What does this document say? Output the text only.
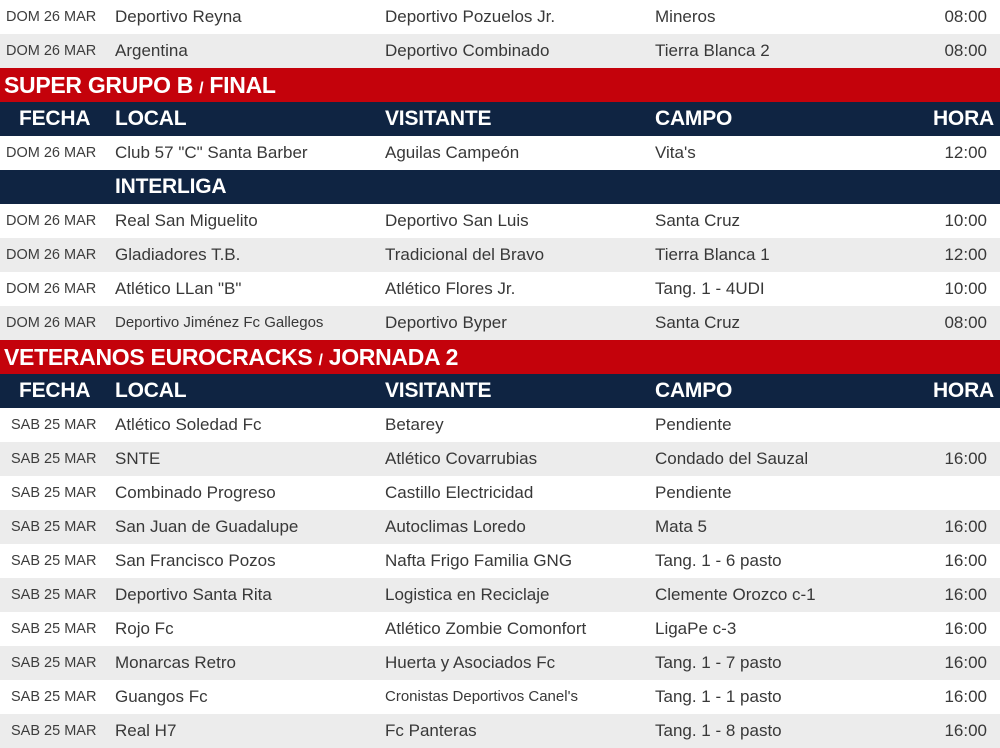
DOM 26 MAR Deportivo Reyna	Deportivo Pozuelos Jr.	Mineros	08:00
DOM 26 MAR Argentina	Deportivo Combinado	Tierra Blanca 2	08:00
SUPER GRUPO B / FINAL
FECHA LOCAL	VISITANTE	CAMPO	HORA
DOM 26 MAR Club 57 "C" Santa Barber	Aguilas Campeón	Vita's	12:00
INTERLIGA
DOM 26 MAR Real San Miguelito	Deportivo San Luis	Santa Cruz	10:00
DOM 26 MAR Gladiadores T.B.	Tradicional del Bravo	Tierra Blanca 1	12:00
DOM 26 MAR Atlético LLan "B"	Atlético Flores Jr.	Tang. 1 - 4UDI	10:00
DOM 26 MAR Deportivo Jiménez Fc Gallegos	Deportivo Byper	Santa Cruz	08:00
VETERANOS EUROCRACKS / JORNADA 2
FECHA LOCAL	VISITANTE	CAMPO	HORA
SAB 25 MAR Atlético Soledad Fc	Betarey	Pendiente
SAB 25 MAR SNTE	Atlético Covarrubias	Condado del Sauzal	16:00
SAB 25 MAR Combinado Progreso	Castillo Electricidad	Pendiente
SAB 25 MAR San Juan de Guadalupe	Autoclimas Loredo	Mata 5	16:00
SAB 25 MAR San Francisco Pozos	Nafta Frigo Familia GNG	Tang. 1 - 6 pasto	16:00
SAB 25 MAR Deportivo Santa Rita	Logistica en Reciclaje	Clemente Orozco c-1	16:00
SAB 25 MAR Rojo Fc	Atlético Zombie Comonfort	LigaPe c-3	16:00
SAB 25 MAR Monarcas Retro	Huerta y Asociados Fc	Tang. 1 - 7 pasto	16:00
SAB 25 MAR Guangos Fc	Cronistas Deportivos Canel's	Tang. 1 - 1 pasto	16:00
SAB 25 MAR Real H7	Fc Panteras	Tang. 1 - 8 pasto	16:00
